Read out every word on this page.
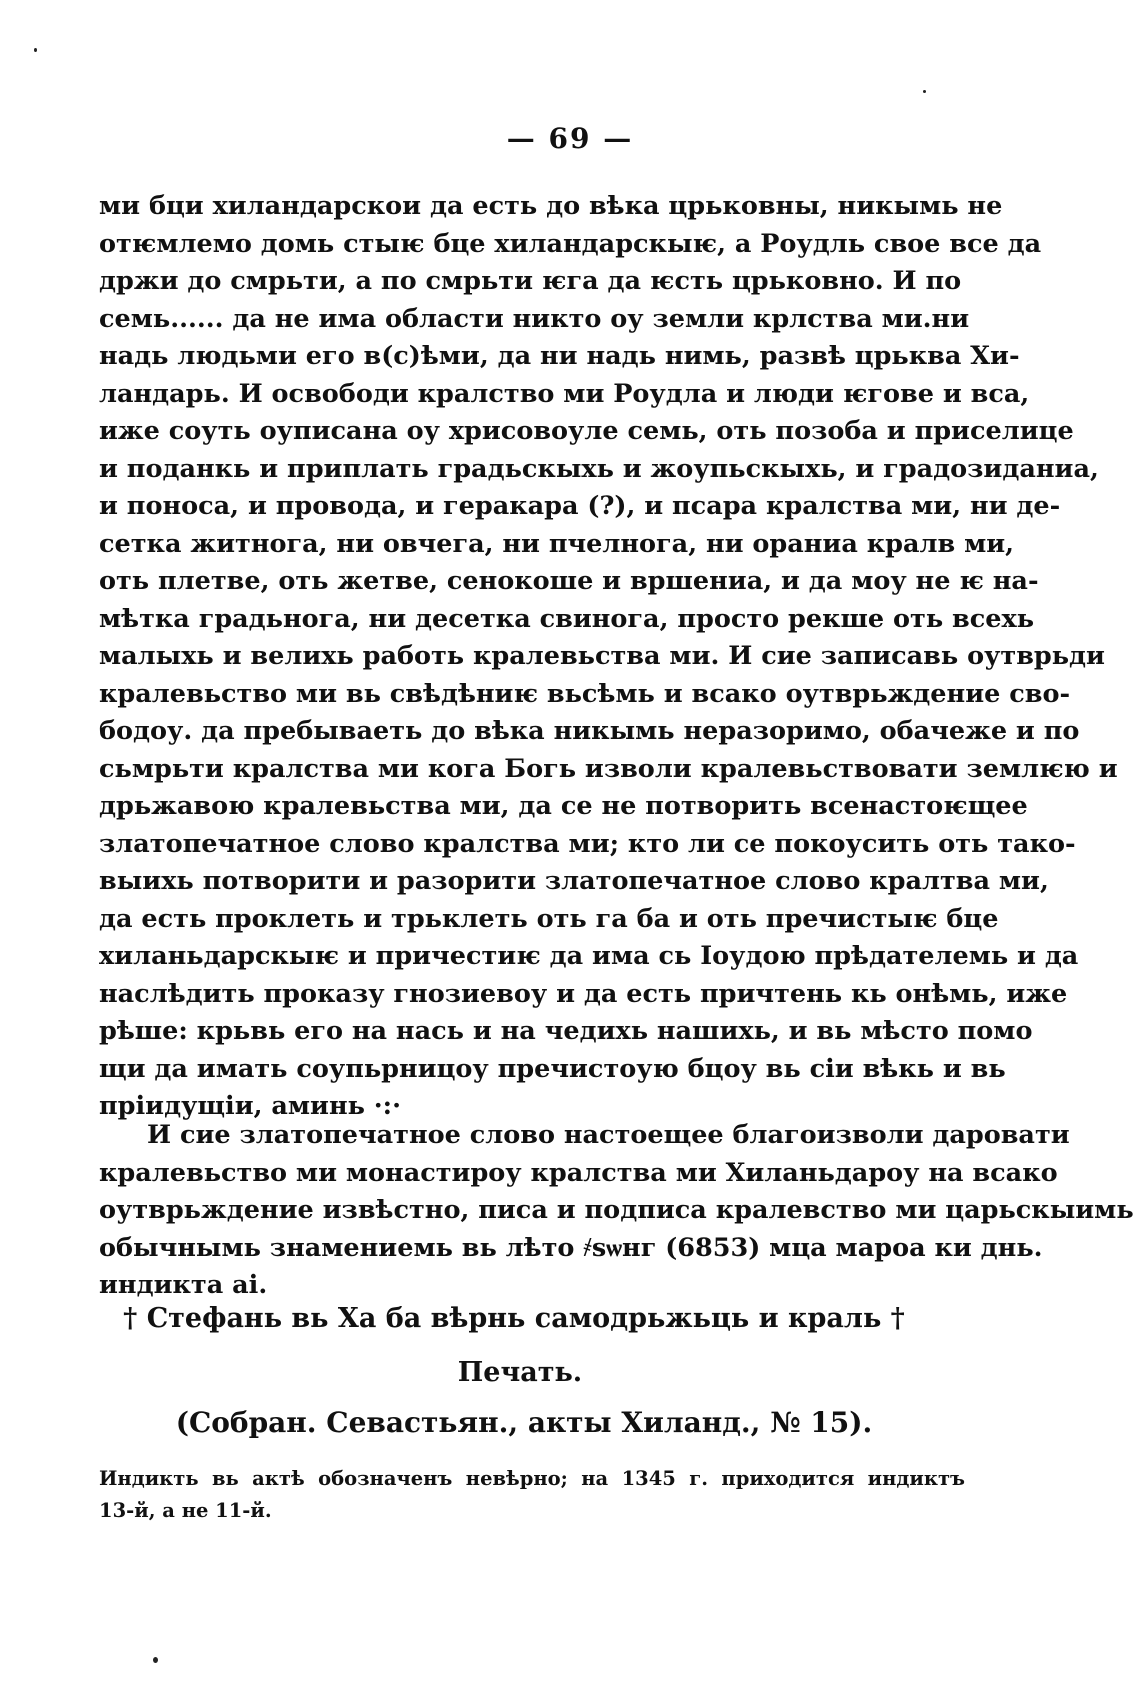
— 69 —
ми бци хиландарскои да есть до вѣка црьковны, никымь не
отѥмлемо домь стыѥ бце хиландарскыѥ, а Роудль свое все да
држи до смрьти, а по смрьти ѥга да ѥсть црьковно. И по
семь...... да не има области никто оу земли крлства ми.ни
надь людьми его в(с)ѣми, да ни надь нимь, развѣ црьква Хи-
ландарь. И освободи кралство ми Роудла и люди ѥгове и вса,
иже соуть оуписана оу хрисовоуле семь, оть позоба и приселице
и поданкь и приплать градьскыхь и жоупьскыхь, и градозиданиа,
и поноса, и провода, и геракара (?), и псара кралства ми, ни де-
сетка житнога, ни овчега, ни пчелнога, ни ораниа кралв ми,
оть плетве, оть жетве, сенокоше и вршениа, и да моу не ѥ на-
мѣтка градьнога, ни десетка свинога, просто рекше оть всехь
малыхь и велихь работь кралевьства ми. И сие записавь оутврьди
кралевьство ми вь свѣдѣниѥ вьсѣмь и всако оутврьждение сво-
бодоу. да пребываеть до вѣка никымь неразоримо, обачеже и по
сьмрьти кралства ми кога Богь изволи кралевьствовати землѥю и
дрьжавою кралевьства ми, да се не потворить всенастоѥщее
златопечатное слово кралства ми; кто ли се покоусить оть тако-
выихь потворити и разорити златопечатное слово кралтва ми,
да есть проклеть и трьклеть оть га ба и оть пречистыѥ бце
хиланьдарскыѥ и причестиѥ да има сь Іоудою прѣдателемь и да
наслѣдить проказу гнозиевоу и да есть причтень кь онѣмь, иже
рѣше: крьвь его на нась и на чедихь нашихь, и вь мѣсто помо
щи да имать соупьрницоу пречистоую бцоу вь сіи вѣкь и вь
пріидущіи, аминь ·:·
И сие златопечатное слово настоещее благоизволи даровати
кралевьство ми монастироу кралства ми Хиланьдароу на всако
оутврьждение извѣстно, писа и подписа кралевство ми царьскыимь
обычнымь знамениемь вь лѣто ҂ѕѡнг (6853) мца мароа ки днь.
индикта аі.
† Стефань вь Ха ба вѣрнь самодрьжьць и краль †
Печать.
(Собран. Севастьян., акты Хиланд., № 15).
Индикть вь актѣ обозначенъ невѣрно; на 1345 г. приходится индиктъ
13-й, а не 11-й.
